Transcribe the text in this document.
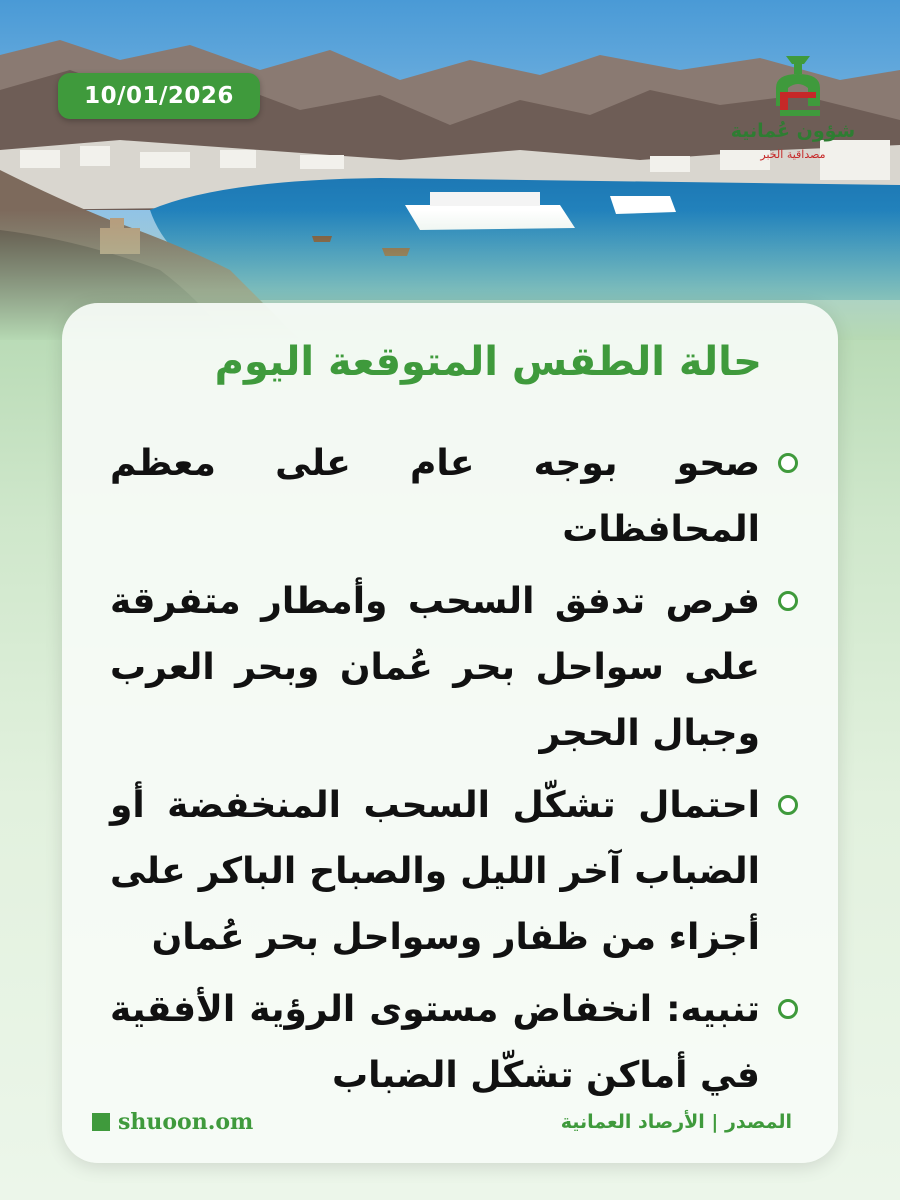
10/01/2026
شؤون عُمانية
مصداقية الخبر
حالة الطقس المتوقعة اليوم
صحو بوجه عام على معظم المحافظات
فرص تدفق السحب وأمطار متفرقة على سواحل بحر عُمان وبحر العرب وجبال الحجر
احتمال تشكّل السحب المنخفضة أو الضباب آخر الليل والصباح الباكر على أجزاء من ظفار وسواحل بحر عُمان
تنبيه: انخفاض مستوى الرؤية الأفقية في أماكن تشكّل الضباب
المصدر | الأرصاد العمانية
shuoon.om
